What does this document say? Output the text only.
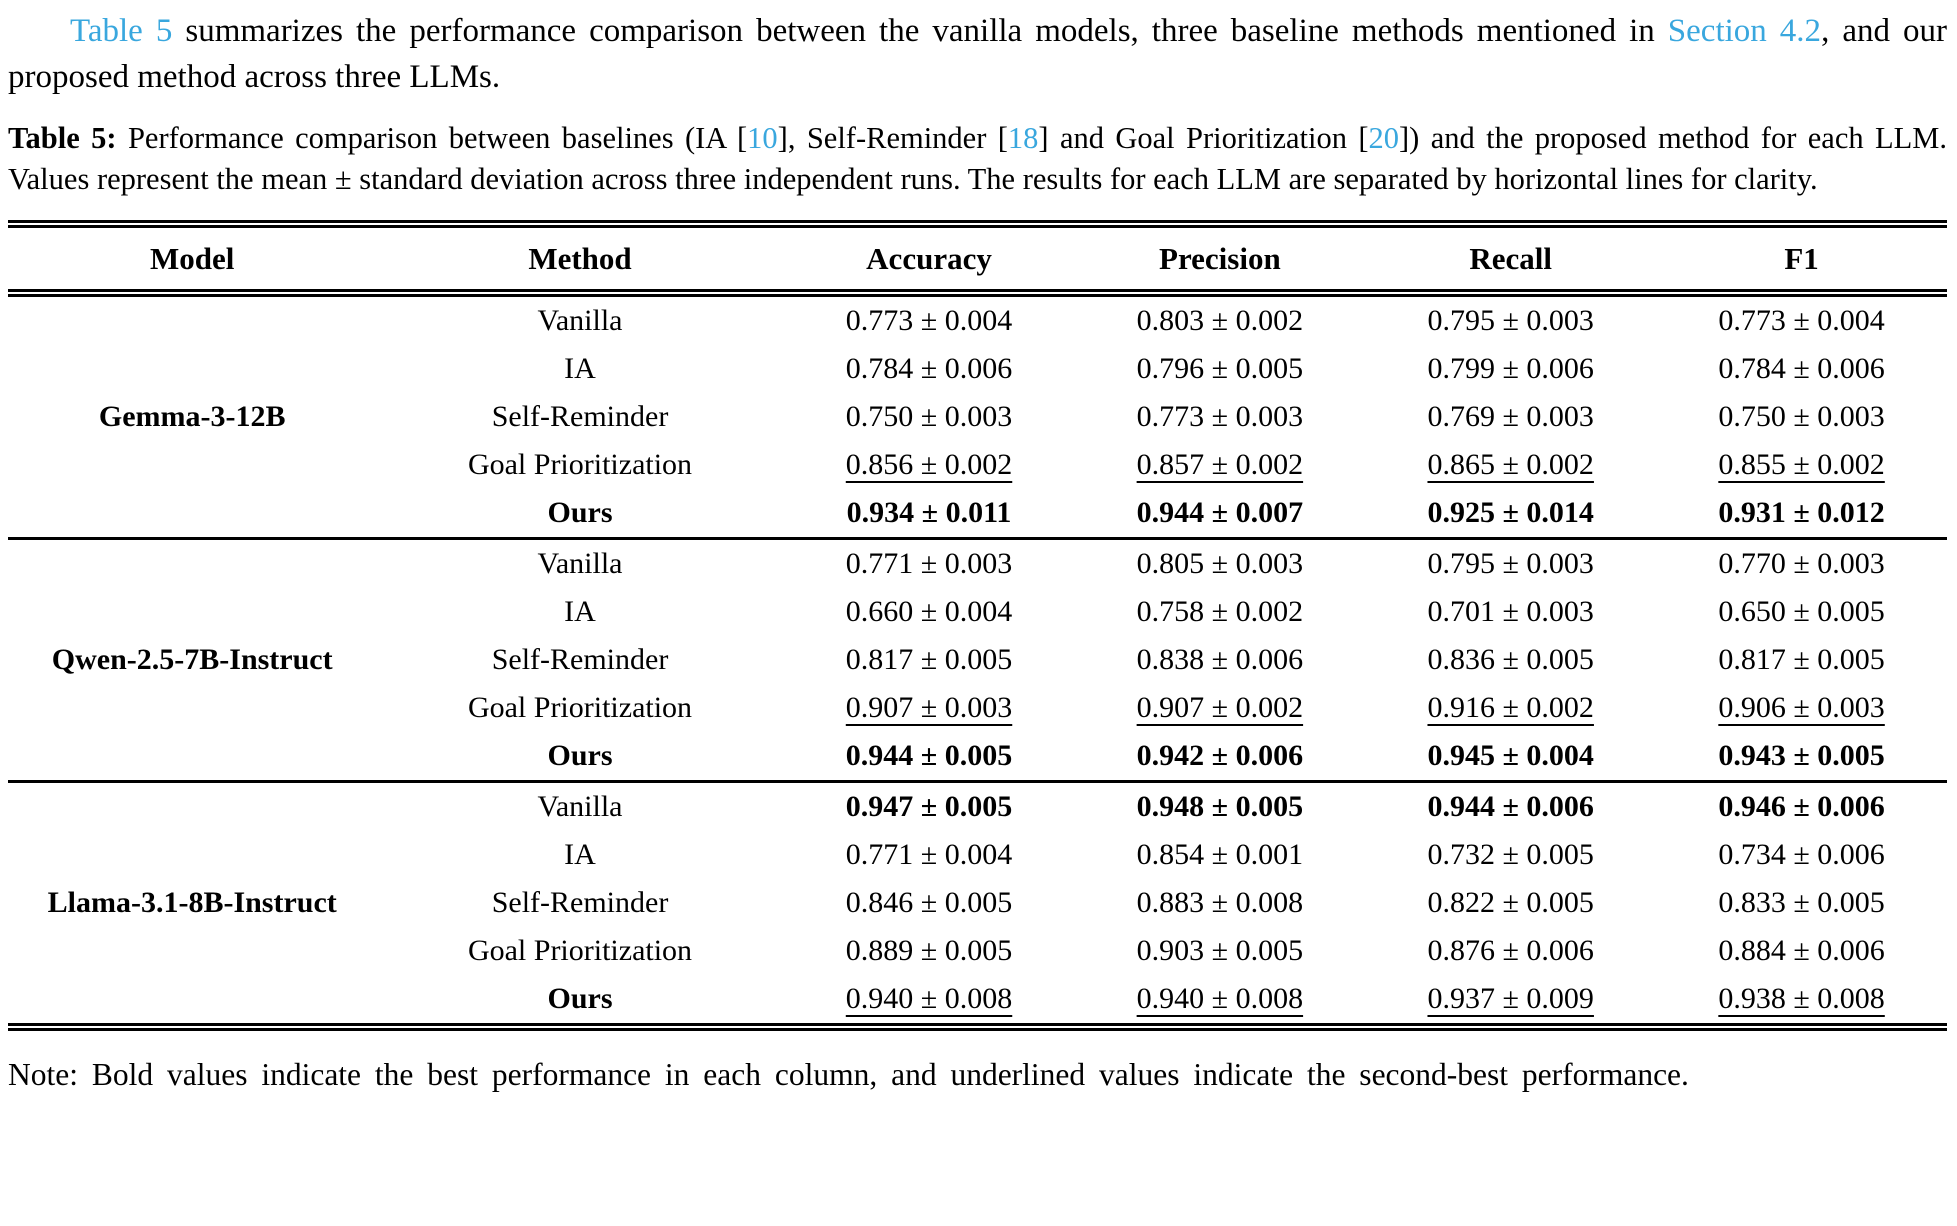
Table 5 summarizes the performance comparison between the vanilla models, three baseline methods mentioned in Section 4.2, and our proposed method across three LLMs.

Table 5: Performance comparison between baselines (IA [10], Self-Reminder [18] and Goal Prioritization [20]) and the proposed method for each LLM. Values represent the mean ± standard deviation across three independent runs. The results for each LLM are separated by horizontal lines for clarity.

Model	Method	Accuracy	Precision	Recall	F1
Gemma-3-12B	Vanilla	0.773 ± 0.004	0.803 ± 0.002	0.795 ± 0.003	0.773 ± 0.004
	IA	0.784 ± 0.006	0.796 ± 0.005	0.799 ± 0.006	0.784 ± 0.006
	Self-Reminder	0.750 ± 0.003	0.773 ± 0.003	0.769 ± 0.003	0.750 ± 0.003
	Goal Prioritization	0.856 ± 0.002	0.857 ± 0.002	0.865 ± 0.002	0.855 ± 0.002
	Ours	0.934 ± 0.011	0.944 ± 0.007	0.925 ± 0.014	0.931 ± 0.012
Qwen-2.5-7B-Instruct	Vanilla	0.771 ± 0.003	0.805 ± 0.003	0.795 ± 0.003	0.770 ± 0.003
	IA	0.660 ± 0.004	0.758 ± 0.002	0.701 ± 0.003	0.650 ± 0.005
	Self-Reminder	0.817 ± 0.005	0.838 ± 0.006	0.836 ± 0.005	0.817 ± 0.005
	Goal Prioritization	0.907 ± 0.003	0.907 ± 0.002	0.916 ± 0.002	0.906 ± 0.003
	Ours	0.944 ± 0.005	0.942 ± 0.006	0.945 ± 0.004	0.943 ± 0.005
Llama-3.1-8B-Instruct	Vanilla	0.947 ± 0.005	0.948 ± 0.005	0.944 ± 0.006	0.946 ± 0.006
	IA	0.771 ± 0.004	0.854 ± 0.001	0.732 ± 0.005	0.734 ± 0.006
	Self-Reminder	0.846 ± 0.005	0.883 ± 0.008	0.822 ± 0.005	0.833 ± 0.005
	Goal Prioritization	0.889 ± 0.005	0.903 ± 0.005	0.876 ± 0.006	0.884 ± 0.006
	Ours	0.940 ± 0.008	0.940 ± 0.008	0.937 ± 0.009	0.938 ± 0.008

Note: Bold values indicate the best performance in each column, and underlined values indicate the second-best performance.
